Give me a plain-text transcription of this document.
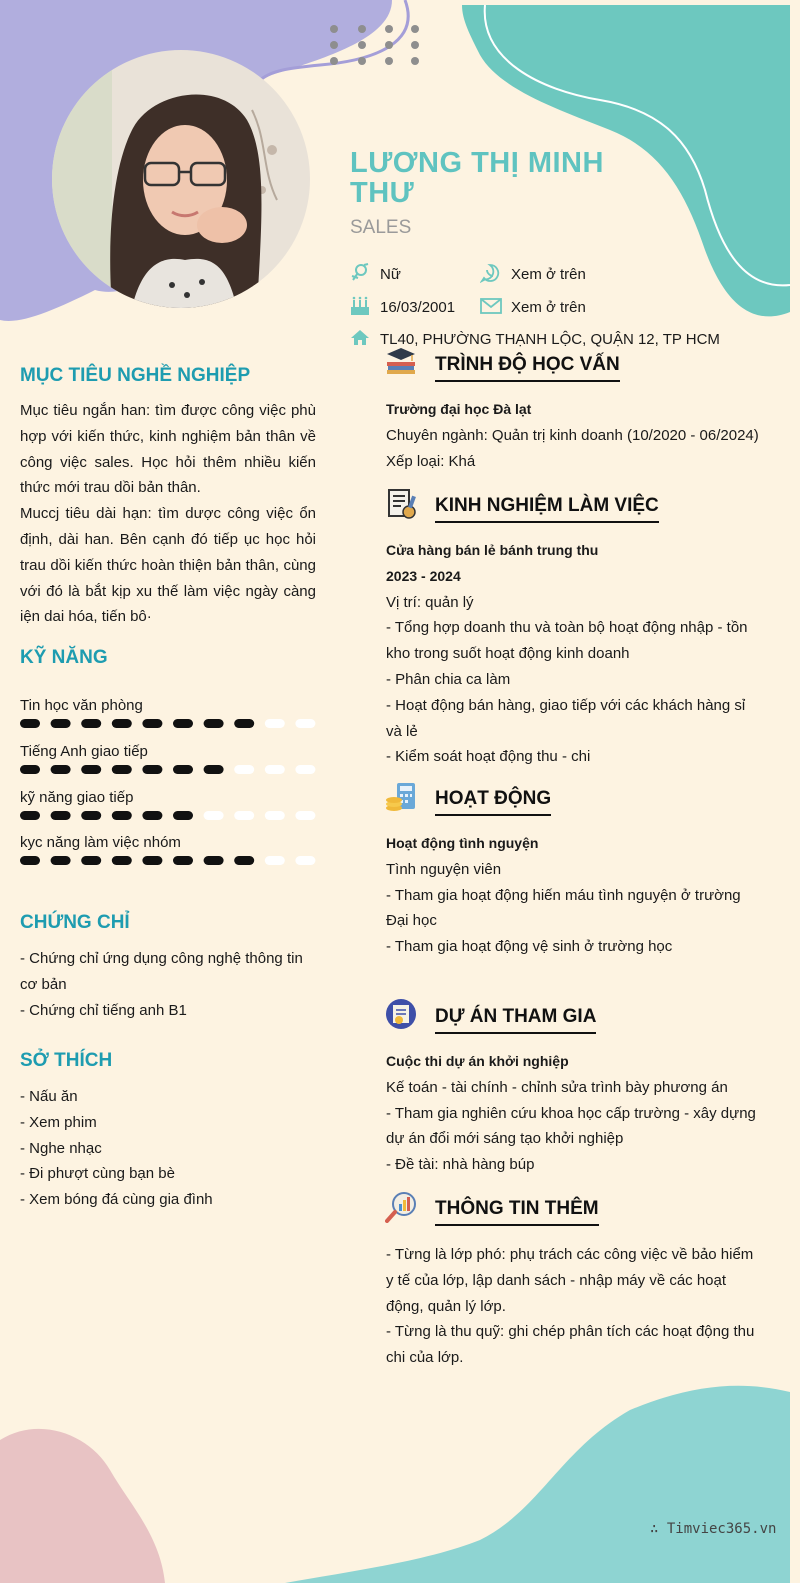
LƯƠNG THỊ MINH THƯ
SALES
Nữ	Xem ở trên
16/03/2001	Xem ở trên
TL40, PHƯỜNG THẠNH LỘC, QUẬN 12, TP HCM
MỤC TIÊU NGHỀ NGHIỆP

Mục tiêu ngắn han: tìm được công việc phù hợp với kiến thức, kinh nghiệm bản thân về công việc sales. Học hỏi thêm nhiều kiến thức mới trau dồi bản thân.

Muccj tiêu dài hạn: tìm dược công việc ổn định, dài han. Bên cạnh đó tiếp ục học hỏi trau dồi kiến thức hoàn thiện bản thân, cùng với đó là bắt kịp xu thế làm việc ngày càng iện dai hóa, tiến bô·

KỸ NĂNG
Tin học văn phòng
Tiếng Anh giao tiếp
kỹ năng giao tiếp
kyc năng làm việc nhóm
CHỨNG CHỈ

- Chứng chỉ ứng dụng công nghệ thông tin cơ bản

- Chứng chỉ tiếng anh B1

SỞ THÍCH

- Nấu ăn

- Xem phim

- Nghe nhạc

- Đi phượt cùng bạn bè

- Xem bóng đá cùng gia đình

TRÌNH ĐỘ HỌC VẤN

Trường đại học Đà lạt

Chuyên ngành: Quản trị kinh doanh (10/2020 - 06/2024)

Xếp loại: Khá

KINH NGHIỆM LÀM VIỆC

Cửa hàng bán lẻ bánh trung thu

2023 - 2024

Vị trí: quản lý

- Tổng hợp doanh thu và toàn bộ hoạt động nhập - tồn kho trong suốt hoạt động kinh doanh

- Phân chia ca làm

- Hoạt động bán hàng, giao tiếp với các khách hàng sỉ và lẻ

- Kiểm soát hoạt động thu - chi

HOẠT ĐỘNG

Hoạt động tình nguyện

Tình nguyện viên

- Tham gia hoạt động hiến máu tình nguyện ở trường Đại học

- Tham gia hoạt động vệ sinh ở trường học

DỰ ÁN THAM GIA

Cuộc thi dự án khởi nghiệp

Kế toán - tài chính - chỉnh sửa trình bày phương án

- Tham gia nghiên cứu khoa học cấp trường - xây dựng dự án đổi mới sáng tạo khởi nghiệp

- Đề tài: nhà hàng búp

THÔNG TIN THÊM

- Từng là lớp phó: phụ trách các công việc về bảo hiểm y tế của lớp, lập danh sách - nhập máy về các hoạt động, quản lý lớp.

- Từng là thu quỹ: ghi chép phân tích các hoạt động thu chi của lớp.

∴ Timviec365.vn
